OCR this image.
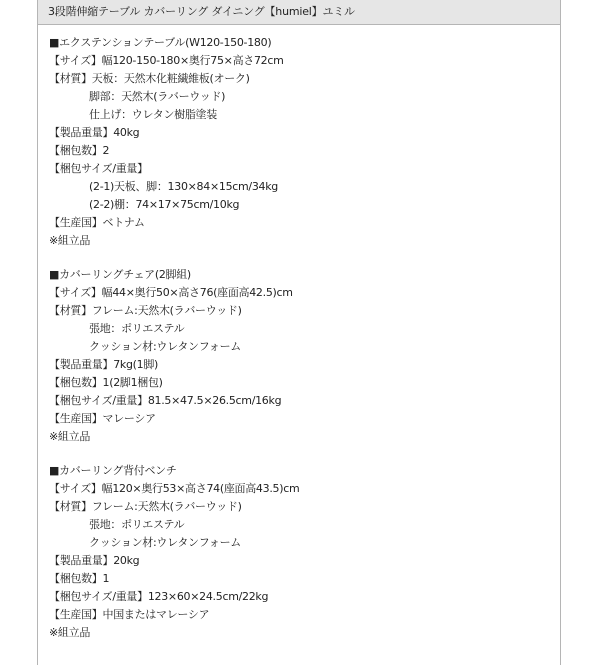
3段階伸縮テーブル カバーリング ダイニング【humiel】ユミル
■エクステンションテーブル(W120-150-180)
【サイズ】幅120-150-180×奥行75×高さ72cm
【材質】天板：天然木化粧繊維板(オーク)
脚部：天然木(ラバーウッド)
仕上げ：ウレタン樹脂塗装
【製品重量】40kg
【梱包数】2
【梱包サイズ/重量】
(2-1)天板、脚：130×84×15cm/34kg
(2-2)棚：74×17×75cm/10kg
【生産国】ベトナム
※組立品
■カバーリングチェア(2脚組)
【サイズ】幅44×奥行50×高さ76(座面高42.5)cm
【材質】フレーム:天然木(ラバーウッド)
張地：ポリエステル
クッション材:ウレタンフォーム
【製品重量】7kg(1脚)
【梱包数】1(2脚1梱包)
【梱包サイズ/重量】81.5×47.5×26.5cm/16kg
【生産国】マレーシア
※組立品
■カバーリング背付ベンチ
【サイズ】幅120×奥行53×高さ74(座面高43.5)cm
【材質】フレーム:天然木(ラバーウッド)
張地：ポリエステル
クッション材:ウレタンフォーム
【製品重量】20kg
【梱包数】1
【梱包サイズ/重量】123×60×24.5cm/22kg
【生産国】中国またはマレーシア
※組立品
